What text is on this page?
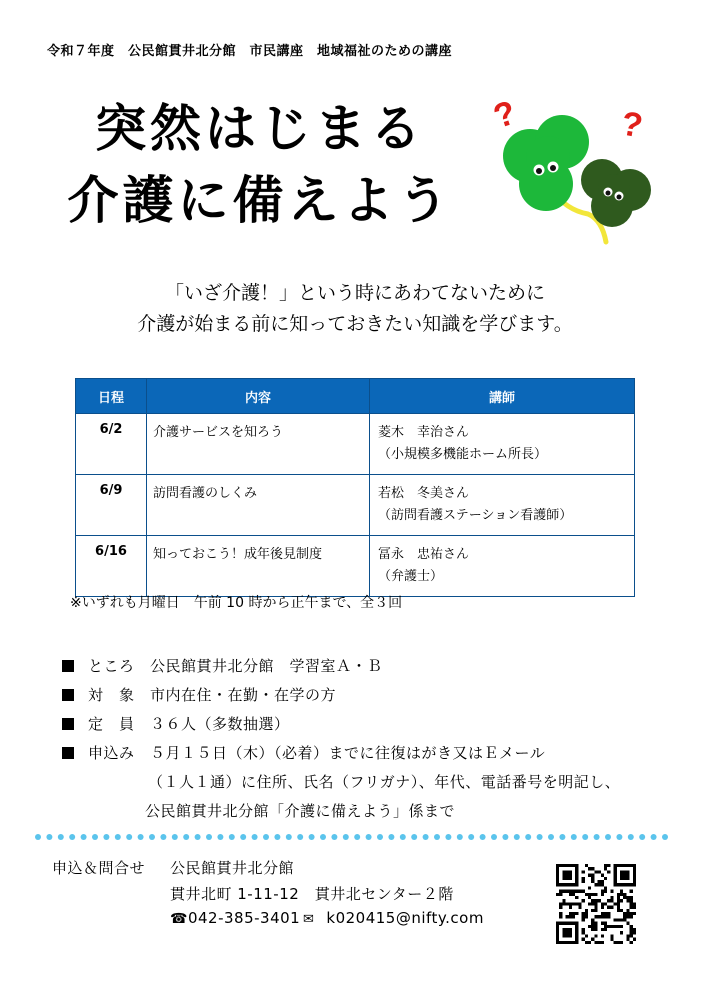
令和７年度　公民館貫井北分館　市民講座　地域福祉のための講座
突然はじまる
介護に備えよう
?	?
「いざ介護！」という時にあわてないために
介護が始まる前に知っておきたい知識を学びます。
日程	内容	講師
6/2	介護サービスを知ろう	菱木　幸治さん
（小規模多機能ホーム所長）

6/9	訪問看護のしくみ	若松　冬美さん
（訪問看護ステーション看護師）

6/16	知っておこう！成年後見制度	冨永　忠祐さん
（弁護士）
※いずれも月曜日　午前 10 時から正午まで、全３回
ところ　公民館貫井北分館　学習室Ａ・Ｂ
対　象　市内在住・在勤・在学の方
定　員　３６人（多数抽選）
申込み　５月１５日（木）（必着）までに往復はがき又はＥメール
（１人１通）に住所、氏名（フリガナ）、年代、電話番号を明記し、
公民館貫井北分館「介護に備えよう」係まで
申込＆問合せ 公民館貫井北分館
貫井北町 1-11-12　貫井北センター２階
☎042-385-3401 ✉ k020415@nifty.com
